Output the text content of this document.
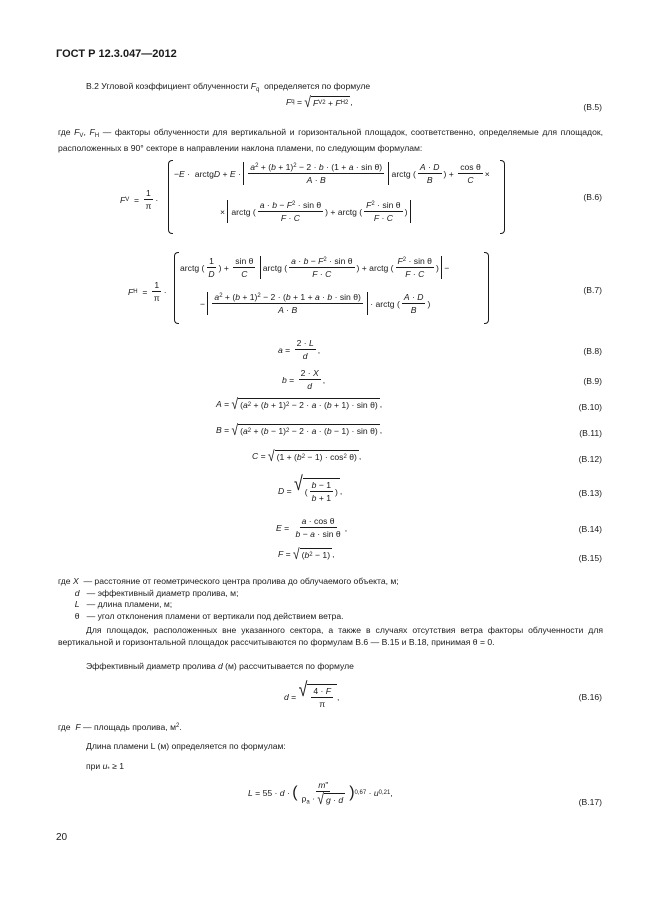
ГОСТ Р 12.3.047—2012
В.2 Угловой коэффициент облученности $F_q$  определяется по формуле
F q = √ F V 2 + F H 2 ,	(В.5)
где $F_V$, $F_H$ — факторы облученности для вертикальной и горизонтальной площадок, соответственно, определяемые для площадок, расположенных в 90° секторе в направлении наклона пламени, по следующим формулам:
F $V = \frac{1}{\pi}$ ·
− E ·  arctg $D + E \cdot \frac{a^2 + (b + 1)^2 - 2 \cdot b \cdot (1 + a \cdot \sin \theta)}{A \cdot B}$ arctg ( $\frac{A \cdot D}{B}$ ) + $\frac{\text{cos θ}}{C}$ ×
× arctg ( $\frac{a \cdot b - F^2 \cdot \sin \theta}{F \cdot C}$ ) + arctg ( $\frac{F^2 \cdot \sin \theta}{F \cdot C}$ )
(В.6)
F $H = \frac{1}{\pi}$ ·
arctg ( $\frac{1}{D}$ ) + $\frac{\text{sin θ}}{C}$
arctg ( $\frac{a \cdot b - F^2 \cdot \sin \theta}{F \cdot C}$ ) + arctg ( $\frac{F^2 \cdot \sin \theta}{F \cdot C}$ ) −
− $\frac{a^2 + (b + 1)^2 - 2 \cdot (b + 1 + a \cdot b \cdot \sin \theta)}{A \cdot B}$ · arctg ( $\frac{A \cdot D}{B}$ )
(В.7)
$a = \frac{2 \cdot L}{d}$ ,	(В.8)
$b = \frac{2 \cdot X}{d}$ ,	(В.9)
A = √ ( a 2 + ( b + 1) 2 − 2 · a · ( b + 1) · sin θ) ,	(В.10)
B = √ ( a 2 + ( b − 1) 2 − 2 · a · ( b − 1) · sin θ) ,	(В.11)
C = √ (1 + ( b 2 − 1) · cos 2 θ) ,	(В.12)
D = √ ( $\frac{b - 1}{b + 1}$ ) ,	(В.13)
$E = \frac{\text{a · cos θ}}{\text{b − a · sin θ}}$ ,	(В.14)
F = √ ( b 2 − 1) ,	(В.15)
где X  — расстояние от геометрического центра пролива до облучаемого объекта, м;
d   — эффективный диаметр пролива, м;
L   — длина пламени, м;
θ   — угол отклонения пламени от вертикали под действием ветра.
Для площадок, расположенных вне указанного сектора, а также в случаях отсутствия ветра факторы облученности для вертикальной и горизонтальной площадок рассчитываются по формулам В.6 — В.15 и В.18, принимая θ = 0.
Эффективный диаметр пролива d (м) рассчитывается по формуле
d = √ $\frac{4 \cdot F}{\pi}$ ,	(В.16)
где  F — площадь пролива, $м^2$.
Длина пламени L (м) определяется по формулам:
при $u_* \ge 1$
L = 55 · d · ( $\frac{m"}{\rho_a \cdot √ g \cdot d}$ ) 0,67 · u 0,21 ,
(В.17)
20
